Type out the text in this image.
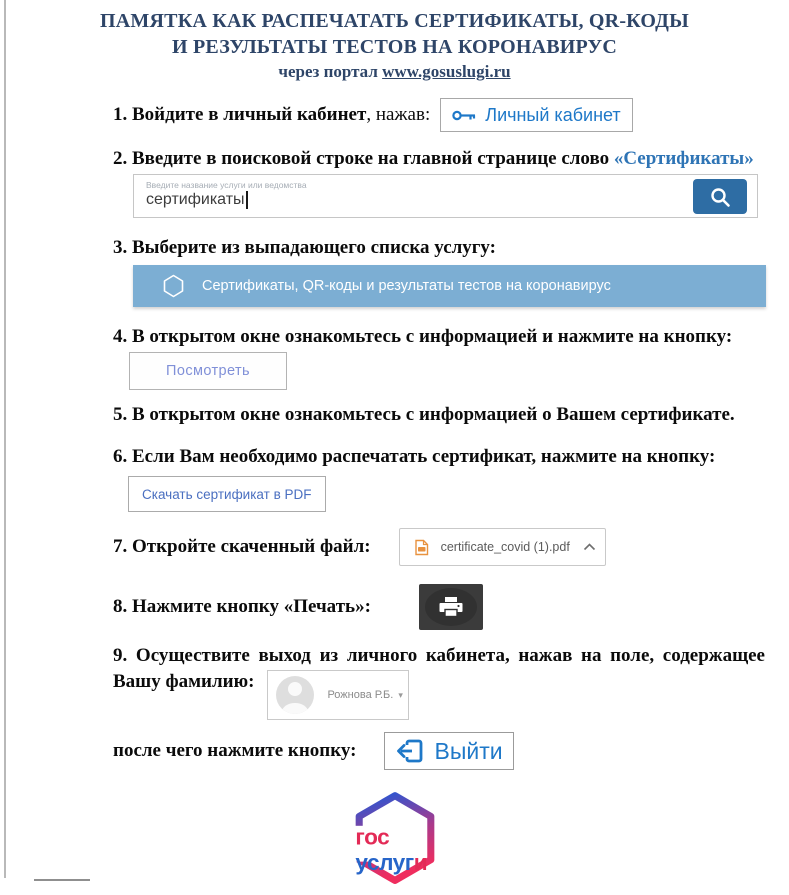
ПАМЯТКА КАК РАСПЕЧАТАТЬ СЕРТИФИКАТЫ, QR-КОДЫ
И РЕЗУЛЬТАТЫ ТЕСТОВ НА КОРОНАВИРУС
через портал www.gosuslugi.ru

1. Войдите в личный кабинет, нажав:	Личный кабинет

2. Введите в поисковой строке на главной странице слово «Сертификаты»

Введите название услуги или ведомства
сертификаты

3. Выберите из выпадающего списка услугу:

Сертификаты, QR-коды и результаты тестов на коронавирус

4. В открытом окне ознакомьтесь с информацией и нажмите на кнопку:

Посмотреть

5. В открытом окне ознакомьтесь с информацией о Вашем сертификате.

6. Если Вам необходимо распечатать сертификат, нажмите на кнопку:

Скачать сертификат в PDF

7. Откройте скаченный файл:	certificate_covid (1).pdf

8. Нажмите кнопку «Печать»:

9. Осуществите выход из личного кабинета, нажав на поле, содержащее

Вашу фамилию:

Рожнова Р.Б. ▾

после чего нажмите кнопку:	Выйти
гос
услуги
